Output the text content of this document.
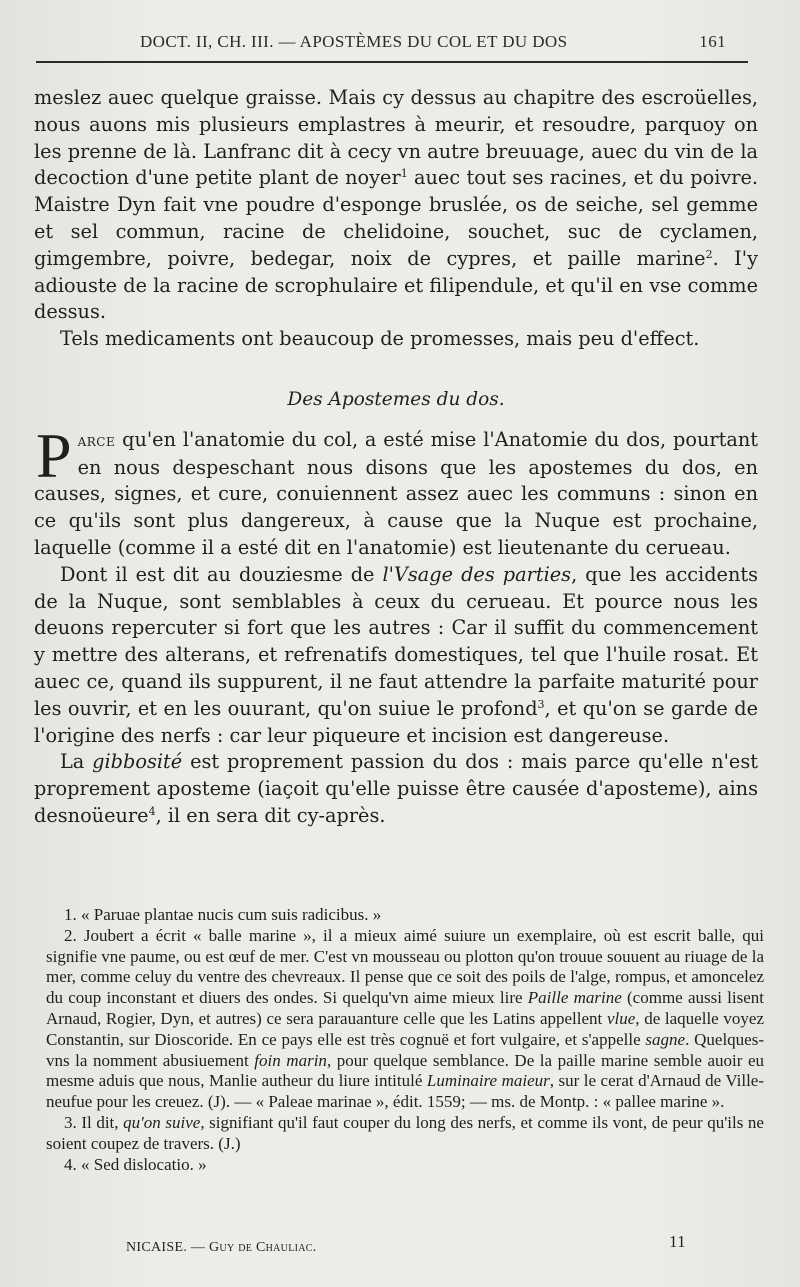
DOCT. II, CH. III. — APOSTÈMES DU COL ET DU DOS	161

meslez auec quelque graisse. Mais cy dessus au chapitre des escroüelles, nous auons mis plusieurs emplastres à meurir, et resoudre, parquoy on les prenne de là. Lanfranc dit à cecy vn autre breuuage, auec du vin de la decoction d'une petite plant de noyer$^1$ auec tout ses racines, et du poivre. Maistre Dyn fait vne poudre d'esponge bruslée, os de seiche, sel gemme et sel commun, racine de chelidoine, souchet, suc de cyclamen, gimgembre, poivre, bedegar, noix de cypres, et paille marine$^2$. I'y adiouste de la racine de scrophulaire et filipendule, et qu'il en vse comme dessus.

Tels medicaments ont beaucoup de promesses, mais peu d'effect.

Des Apostemes du dos.

Parce qu'en l'anatomie du col, a esté mise l'Anatomie du dos, pourtant en nous despeschant nous disons que les apostemes du dos, en causes, signes, et cure, conuiennent assez auec les communs : sinon en ce qu'ils sont plus dangereux, à cause que la Nuque est prochaine, laquelle (comme il a esté dit en l'anatomie) est lieutenante du cerueau.

Dont il est dit au douziesme de l'Vsage des parties, que les accidents de la Nuque, sont semblables à ceux du cerueau. Et pource nous les deuons repercuter si fort que les autres : Car il suffit du commencement y mettre des alterans, et refrenatifs domestiques, tel que l'huile rosat. Et auec ce, quand ils suppurent, il ne faut attendre la parfaite maturité pour les ouvrir, et en les ouurant, qu'on suiue le profond$^3$, et qu'on se garde de l'origine des nerfs : car leur piqueure et incision est dangereuse.

La gibbosité est proprement passion du dos : mais parce qu'elle n'est proprement aposteme (iaçoit qu'elle puisse être causée d'aposteme), ains desnoüeure$^4$, il en sera dit cy-après.

1. « Paruae plantae nucis cum suis radicibus. »

2. Joubert a écrit « balle marine », il a mieux aimé suiure un exemplaire, où est escrit balle, qui signifie vne paume, ou est œuf de mer. C'est vn mousseau ou plotton qu'on trouue souuent au riuage de la mer, comme celuy du ventre des chevreaux. Il pense que ce soit des poils de l'alge, rompus, et amoncelez du coup inconstant et diuers des ondes. Si quelqu'vn aime mieux lire Paille marine (comme aussi lisent Arnaud, Rogier, Dyn, et autres) ce sera parauanture celle que les Latins appellent vlue, de laquelle voyez Constantin, sur Dioscoride. En ce pays elle est très cognuë et fort vulgaire, et s'appelle sagne. Quelques-vns la nomment abusiuement foin marin, pour quelque semblance. De la paille marine semble auoir eu mesme aduis que nous, Manlie autheur du liure intitulé Luminaire maieur, sur le cerat d'Arnaud de Ville-neufue pour les creuez. (J). — « Paleae marinae », édit. 1559; — ms. de Montp. : « pallee marine ».

3. Il dit, qu'on suive, signifiant qu'il faut couper du long des nerfs, et comme ils vont, de peur qu'ils ne soient coupez de travers. (J.)

4. « Sed dislocatio. »

NICAISE. — Guy de Chauliac.	11
